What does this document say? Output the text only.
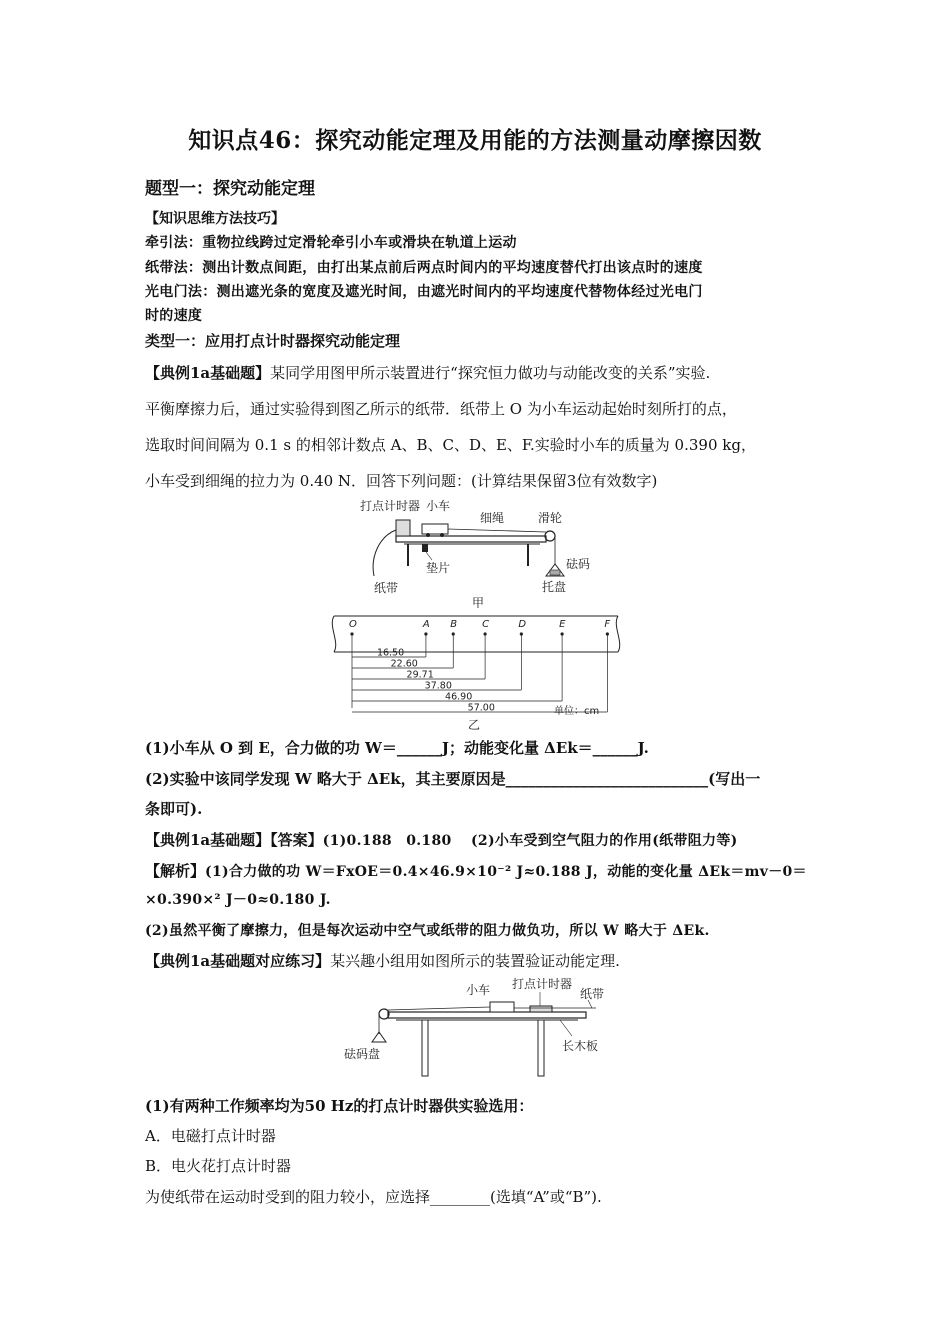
知识点46：探究动能定理及用能的方法测量动摩擦因数
题型一：探究动能定理
【知识思维方法技巧】
牵引法：重物拉线跨过定滑轮牵引小车或滑块在轨道上运动
纸带法：测出计数点间距，由打出某点前后两点时间内的平均速度替代打出该点时的速度
光电门法：测出遮光条的宽度及遮光时间，由遮光时间内的平均速度代替物体经过光电门
时的速度
类型一：应用打点计时器探究动能定理
【典例1a基础题】某同学用图甲所示装置进行“探究恒力做功与动能改变的关系”实验.
平衡摩擦力后，通过实验得到图乙所示的纸带．纸带上 O 为小车运动起始时刻所打的点，
选取时间间隔为 0.1 s 的相邻计数点 A、B、C、D、E、F.实验时小车的质量为 0.390 kg，
小车受到细绳的拉力为 0.40 N．回答下列问题：(计算结果保留3位有效数字)
打点计时器 小车
细绳	滑轮
砝码
托盘
垫片
纸带
甲
O	A B C	D	E	F
16.50
22.60
29.71
37.80
46.90
57.00	单位：cm
乙
(1)小车从 O 到 E，合力做的功 W＝______J；动能变化量 ΔEk＝______J.
(2)实验中该同学发现 W 略大于 ΔEk，其主要原因是___________________________(写出一
条即可).
【典例1a基础题】【答案】(1)0.188　0.180　 (2)小车受到空气阻力的作用(纸带阻力等)
【解析】(1)合力做的功 W＝FxOE＝0.4×46.9×10⁻² J≈0.188 J，动能的变化量 ΔEk＝mv－0＝
×0.390×² J－0≈0.180 J.
(2)虽然平衡了摩擦力，但是每次运动中空气或纸带的阻力做负功，所以 W 略大于 ΔEk.
【典例1a基础题对应练习】某兴趣小组用如图所示的装置验证动能定理.
小车 打点计时器
纸带
砝码盘
长木板
(1)有两种工作频率均为50 Hz的打点计时器供实验选用：
A．电磁打点计时器
B．电火花打点计时器
为使纸带在运动时受到的阻力较小，应选择________(选填“A”或“B”).
